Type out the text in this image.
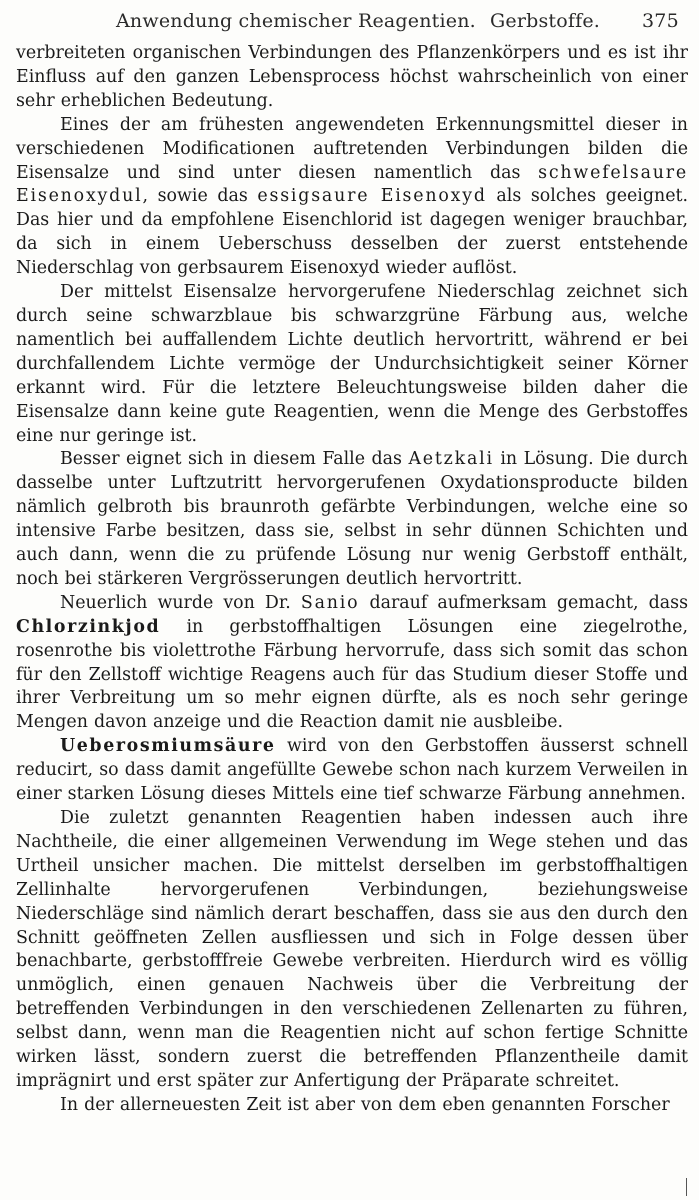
Anwendung chemischer Reagentien. Gerbstoffe. 375

verbreiteten organischen Verbindungen des Pflanzenkörpers und es ist ihr Einfluss auf den ganzen Lebensprocess höchst wahrscheinlich von einer sehr erheblichen Bedeutung.

Eines der am frühesten angewendeten Erkennungsmittel dieser in verschiedenen Modificationen auftretenden Verbindungen bilden die Eisensalze und sind unter diesen namentlich das schwefelsaure Eisenoxydul, sowie das essigsaure Eisenoxyd als solches geeignet. Das hier und da empfohlene Eisenchlorid ist dagegen weniger brauchbar, da sich in einem Ueberschuss desselben der zuerst entstehende Niederschlag von gerbsaurem Eisenoxyd wieder auflöst.

Der mittelst Eisensalze hervorgerufene Niederschlag zeichnet sich durch seine schwarzblaue bis schwarzgrüne Färbung aus, welche namentlich bei auffallendem Lichte deutlich hervortritt, während er bei durchfallendem Lichte vermöge der Undurchsichtigkeit seiner Körner erkannt wird. Für die letztere Beleuchtungsweise bilden daher die Eisensalze dann keine gute Reagentien, wenn die Menge des Gerbstoffes eine nur geringe ist.

Besser eignet sich in diesem Falle das Aetzkali in Lösung. Die durch dasselbe unter Luftzutritt hervorgerufenen Oxydationsproducte bilden nämlich gelbroth bis braunroth gefärbte Verbindungen, welche eine so intensive Farbe besitzen, dass sie, selbst in sehr dünnen Schichten und auch dann, wenn die zu prüfende Lösung nur wenig Gerbstoff enthält, noch bei stärkeren Vergrösserungen deutlich hervortritt.

Neuerlich wurde von Dr. Sanio darauf aufmerksam gemacht, dass Chlorzinkjod in gerbstoffhaltigen Lösungen eine ziegelrothe, rosenrothe bis violettrothe Färbung hervorrufe, dass sich somit das schon für den Zellstoff wichtige Reagens auch für das Studium dieser Stoffe und ihrer Verbreitung um so mehr eignen dürfte, als es noch sehr geringe Mengen davon anzeige und die Reaction damit nie ausbleibe.

Ueberosmiumsäure wird von den Gerbstoffen äusserst schnell reducirt, so dass damit angefüllte Gewebe schon nach kurzem Verweilen in einer starken Lösung dieses Mittels eine tief schwarze Färbung annehmen.

Die zuletzt genannten Reagentien haben indessen auch ihre Nachtheile, die einer allgemeinen Verwendung im Wege stehen und das Urtheil unsicher machen. Die mittelst derselben im gerbstoffhaltigen Zellinhalte hervorgerufenen Verbindungen, beziehungsweise Niederschläge sind nämlich derart beschaffen, dass sie aus den durch den Schnitt geöffneten Zellen ausfliessen und sich in Folge dessen über benachbarte, gerbstofffreie Gewebe verbreiten. Hierdurch wird es völlig unmöglich, einen genauen Nachweis über die Verbreitung der betreffenden Verbindungen in den verschiedenen Zellenarten zu führen, selbst dann, wenn man die Reagentien nicht auf schon fertige Schnitte wirken lässt, sondern zuerst die betreffenden Pflanzentheile damit imprägnirt und erst später zur Anfertigung der Präparate schreitet.

In der allerneuesten Zeit ist aber von dem eben genannten Forscher
